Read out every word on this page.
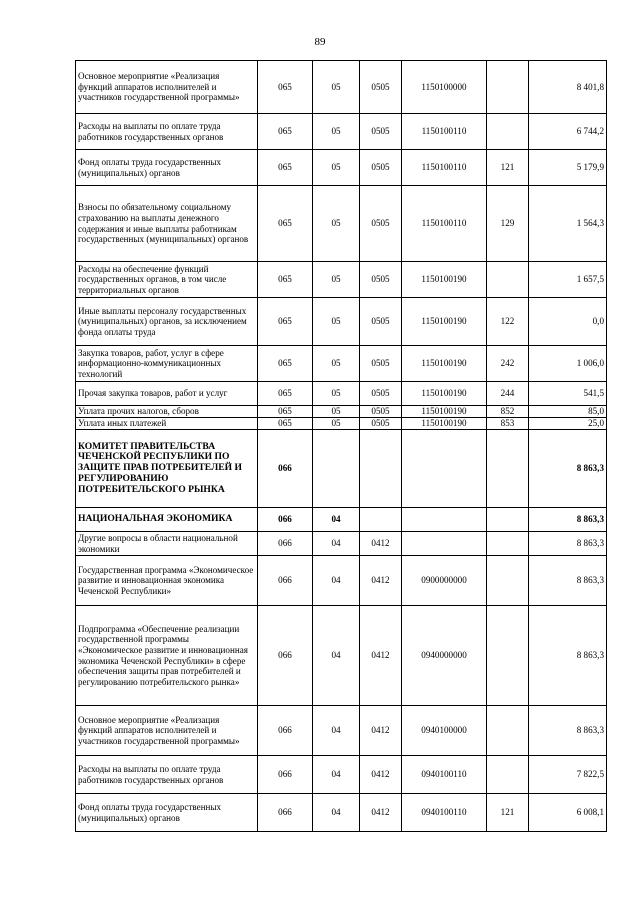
89
Основное мероприятие «Реализация функций аппаратов исполнителей и участников государственной программы»	065	05	0505	1150100000		8 401,8
Расходы на выплаты по оплате труда работников государственных органов	065	05	0505	1150100110		6 744,2
Фонд оплаты труда государственных (муниципальных) органов	065	05	0505	1150100110	121	5 179,9
Взносы по обязательному социальному страхованию на выплаты денежного содержания и иные выплаты работникам государственных (муниципальных) органов	065	05	0505	1150100110	129	1 564,3
Расходы на обеспечение функций государственных органов, в том числе территориальных органов	065	05	0505	1150100190		1 657,5
Иные выплаты персоналу государственных (муниципальных) органов, за исключением фонда оплаты труда	065	05	0505	1150100190	122	0,0
Закупка товаров, работ, услуг в сфере информационно-коммуникационных технологий	065	05	0505	1150100190	242	1 006,0
Прочая закупка товаров, работ и услуг	065	05	0505	1150100190	244	541,5
Уплата прочих налогов, сборов	065	05	0505	1150100190	852	85,0
Уплата иных платежей	065	05	0505	1150100190	853	25,0
КОМИТЕТ ПРАВИТЕЛЬСТВА ЧЕЧЕНСКОЙ РЕСПУБЛИКИ ПО ЗАЩИТЕ ПРАВ ПОТРЕБИТЕЛЕЙ И РЕГУЛИРОВАНИЮ ПОТРЕБИТЕЛЬСКОГО РЫНКА	066					8 863,3
НАЦИОНАЛЬНАЯ ЭКОНОМИКА	066	04				8 863,3
Другие вопросы в области национальной экономики	066	04	0412			8 863,3
Государственная программа «Экономическое развитие и инновационная экономика Чеченской Республики»	066	04	0412	0900000000		8 863,3
Подпрограмма «Обеспечение реализации государственной программы «Экономическое развитие и инновационная экономика Чеченской Республики» в сфере обеспечения защиты прав потребителей и регулированию потребительского рынка»	066	04	0412	0940000000		8 863,3
Основное мероприятие «Реализация функций аппаратов исполнителей и участников государственной программы»	066	04	0412	0940100000		8 863,3
Расходы на выплаты по оплате труда работников государственных органов	066	04	0412	0940100110		7 822,5
Фонд оплаты труда государственных (муниципальных) органов	066	04	0412	0940100110	121	6 008,1
